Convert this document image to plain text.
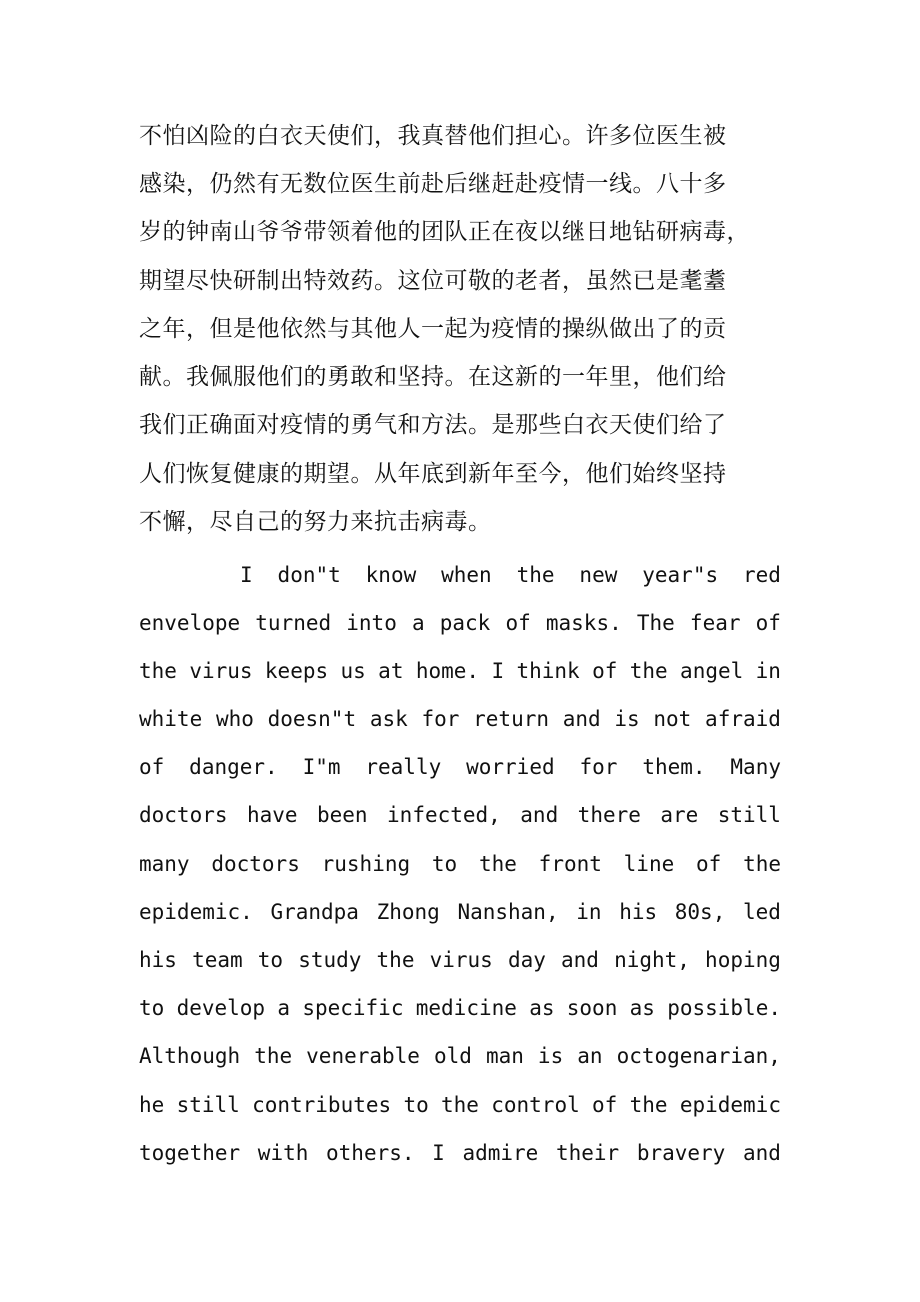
不怕凶险的白衣天使们，我真替他们担心。许多位医生被
感染，仍然有无数位医生前赴后继赶赴疫情一线。八十多
岁的钟南山爷爷带领着他的团队正在夜以继日地钻研病毒，
期望尽快研制出特效药。这位可敬的老者，虽然已是耄耋
之年，但是他依然与其他人一起为疫情的操纵做出了的贡
献。我佩服他们的勇敢和坚持。在这新的一年里，他们给
我们正确面对疫情的勇气和方法。是那些白衣天使们给了
人们恢复健康的期望。从年底到新年至今，他们始终坚持
不懈，尽自己的努力来抗击病毒。
I don"t know when the new year"s red
envelope turned into a pack of masks. The fear of
the virus keeps us at home. I think of the angel in
white who doesn"t ask for return and is not afraid
of danger. I"m really worried for them. Many
doctors have been infected, and there are still
many doctors rushing to the front line of the
epidemic. Grandpa Zhong Nanshan, in his 80s, led
his team to study the virus day and night, hoping
to develop a specific medicine as soon as possible.
Although the venerable old man is an octogenarian,
he still contributes to the control of the epidemic
together with others. I admire their bravery and
